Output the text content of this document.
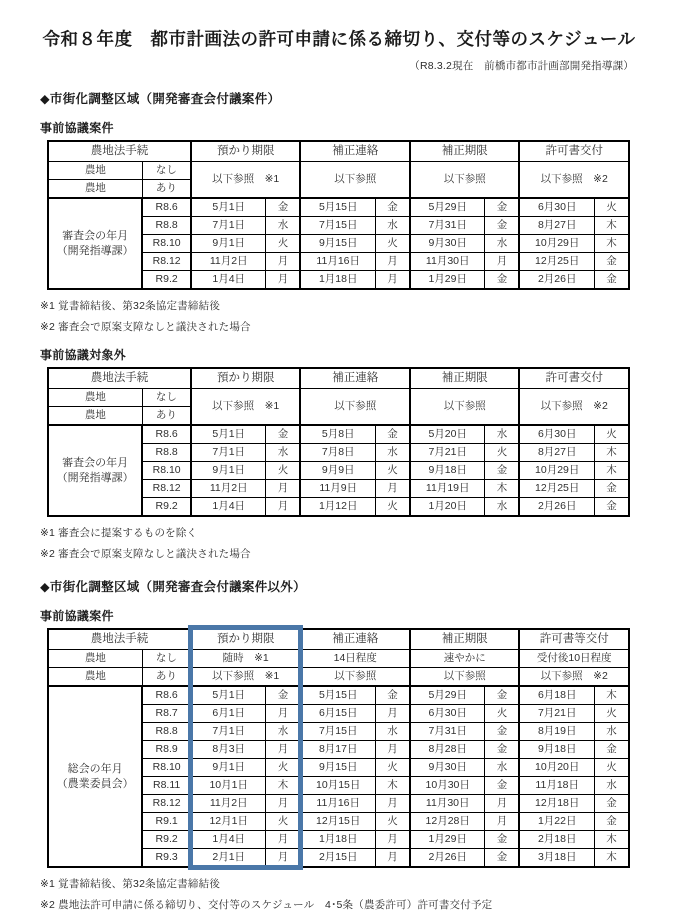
令和８年度　都市計画法の許可申請に係る締切り、交付等のスケジュール
（R8.3.2現在　前橋市都市計画部開発指導課）
◆市街化調整区域（開発審査会付議案件）
事前協議案件
農地法手続		預かり期限		補正連絡		補正期限		許可書交付	
農地	なし	以下参照　※1		以下参照		以下参照		以下参照　※2	
農地	あり								

審査会の年月
（開発指導課）	R8.6	5月1日	金	5月15日	金	5月29日	金	6月30日	火
	R8.8	7月1日	水	7月15日	水	7月31日	金	8月27日	木
	R8.10	9月1日	火	9月15日	火	9月30日	水	10月29日	木
	R8.12	11月2日	月	11月16日	月	11月30日	月	12月25日	金
	R9.2	1月4日	月	1月18日	月	1月29日	金	2月26日	金
※1 覚書締結後、第32条協定書締結後
※2 審査会で原案支障なしと議決された場合
事前協議対象外
農地法手続		預かり期限		補正連絡		補正期限		許可書交付	
農地	なし	以下参照　※1		以下参照		以下参照		以下参照　※2	
農地	あり								

審査会の年月
（開発指導課）	R8.6	5月1日	金	5月8日	金	5月20日	水	6月30日	火
	R8.8	7月1日	水	7月8日	水	7月21日	火	8月27日	木
	R8.10	9月1日	火	9月9日	火	9月18日	金	10月29日	木
	R8.12	11月2日	月	11月9日	月	11月19日	木	12月25日	金
	R9.2	1月4日	月	1月12日	火	1月20日	水	2月26日	金
※1 審査会に提案するものを除く
※2 審査会で原案支障なしと議決された場合
◆市街化調整区域（開発審査会付議案件以外）
事前協議案件
農地法手続		預かり期限		補正連絡		補正期限		許可書等交付	
農地	なし	随時　※1		14日程度		速やかに		受付後10日程度	
農地	あり	以下参照　※1		以下参照		以下参照		以下参照　※2	

総会の年月
（農業委員会）	R8.6	5月1日	金	5月15日	金	5月29日	金	6月18日	木
	R8.7	6月1日	月	6月15日	月	6月30日	火	7月21日	火
	R8.8	7月1日	水	7月15日	水	7月31日	金	8月19日	水
	R8.9	8月3日	月	8月17日	月	8月28日	金	9月18日	金
	R8.10	9月1日	火	9月15日	火	9月30日	水	10月20日	火
	R8.11	10月1日	木	10月15日	木	10月30日	金	11月18日	水
	R8.12	11月2日	月	11月16日	月	11月30日	月	12月18日	金
	R9.1	12月1日	火	12月15日	火	12月28日	月	1月22日	金
	R9.2	1月4日	月	1月18日	月	1月29日	金	2月18日	木
	R9.3	2月1日	月	2月15日	月	2月26日	金	3月18日	木
※1 覚書締結後、第32条協定書締結後
※2 農地法許可申請に係る締切り、交付等のスケジュール　4･5条（農委許可）許可書交付予定
